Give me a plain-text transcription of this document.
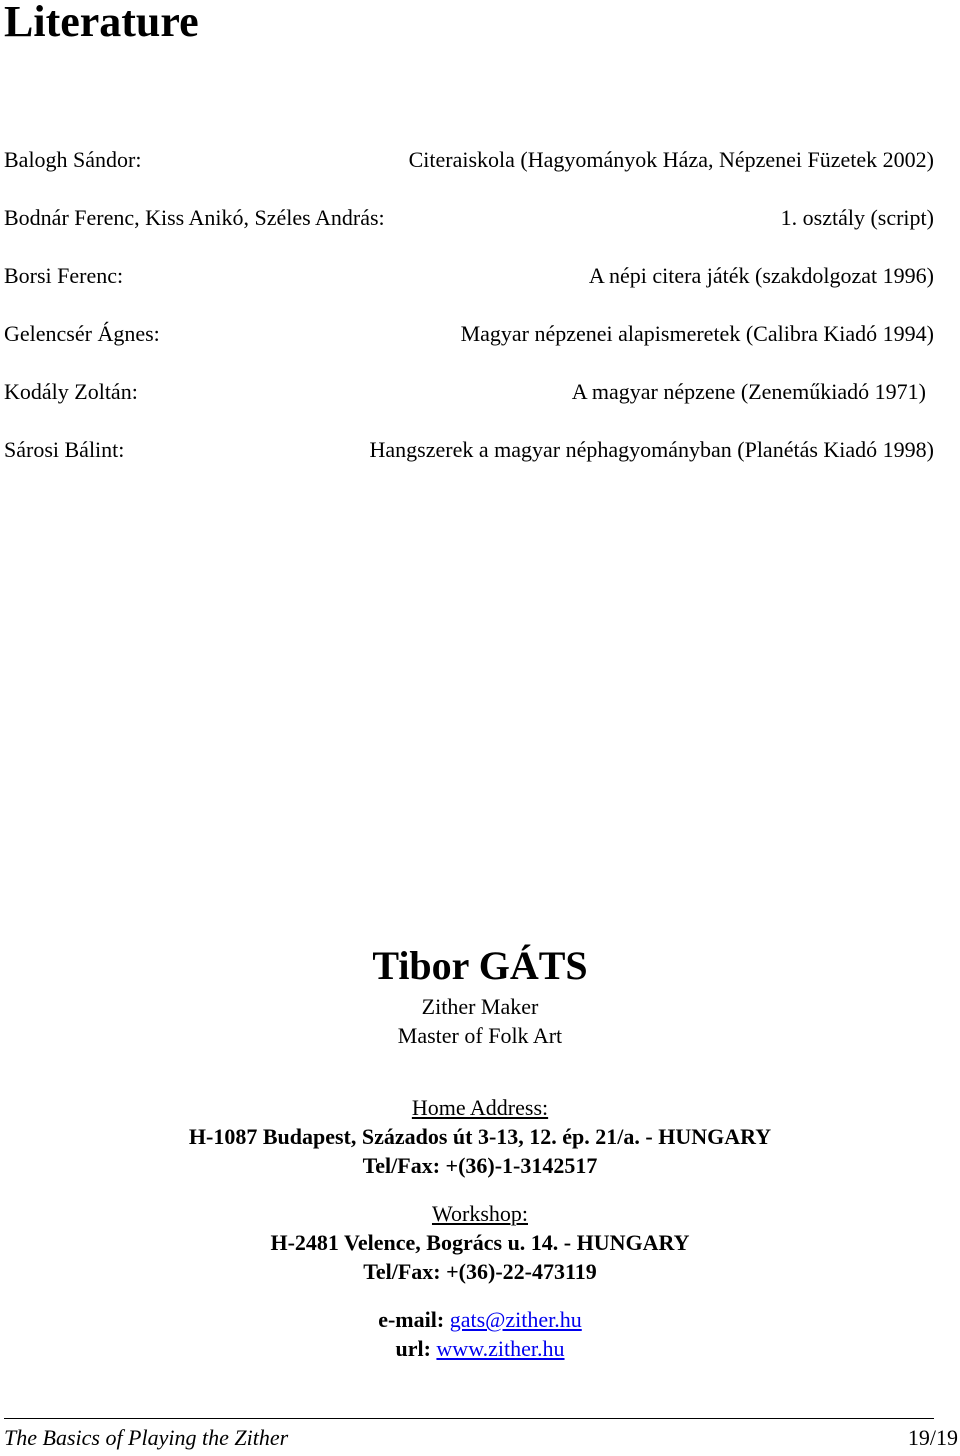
Literature
Balogh Sándor:	Citeraiskola (Hagyományok Háza, Népzenei Füzetek 2002)
Bodnár Ferenc, Kiss Anikó, Széles András:	1. osztály (script)
Borsi Ferenc:	A népi citera játék (szakdolgozat 1996)
Gelencsér Ágnes:	Magyar népzenei alapismeretek (Calibra Kiadó 1994)
Kodály Zoltán:	A magyar népzene (Zeneműkiadó 1971)
Sárosi Bálint:	Hangszerek a magyar néphagyományban (Planétás Kiadó 1998)
Tibor GÁTS
Zither Maker
Master of Folk Art
Home Address:
H-1087 Budapest, Százados út 3-13, 12. ép. 21/a. - HUNGARY
Tel/Fax: +(36)-1-3142517
Workshop:
H-2481 Velence, Bogrács u. 14. - HUNGARY
Tel/Fax: +(36)-22-473119
e-mail: gats@zither.hu
url: www.zither.hu
The Basics of Playing the Zither	19/19
